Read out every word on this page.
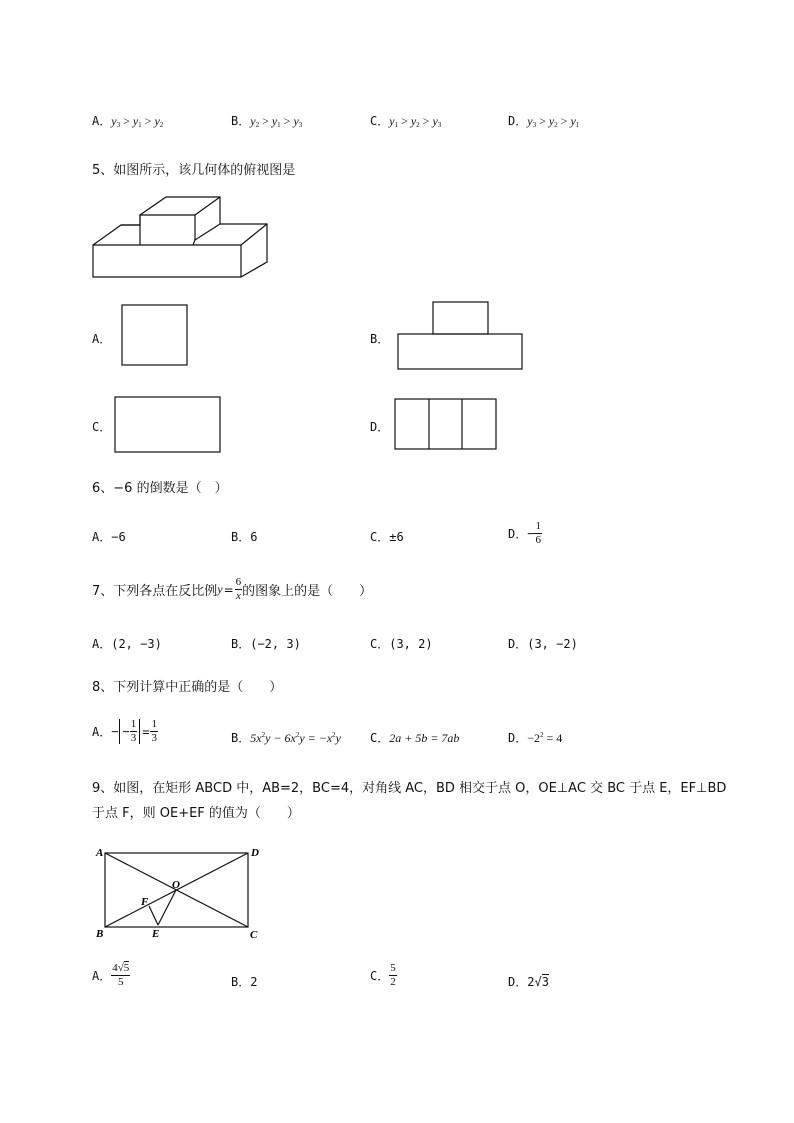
A．$y_3 > y_1 > y_2$	B．$y_2 > y_1 > y_3$	C．$y_1 > y_2 > y_3$	D．$y_3 > y_2 > y_1$
5、如图所示，该几何体的俯视图是
A．	B．
C．	D．
6、−6 的倒数是（　）
A．−6	B．6	C．±6	D．− $\frac{1}{6}$
7、下列各点在反比例$y= \frac{6}{x}$ 的图象上的是（　　）
A．(2, −3)	B．(−2, 3)	C．(3, 2)	D．(3, −2)
8、下列计算中正确的是（　　）
A．− − $\frac{1}{3} = \frac{1}{3}$	B．$5x^2y - 6x^2y = -x^2y$ C．2a + 5b = 7ab	D．$-2^2 = 4$
9、如图，在矩形 ABCD 中，AB=2，BC=4，对角线 AC，BD 相交于点 O，OE⊥AC 交 BC 于点 E，EF⊥BD
于点 F，则 OE+EF 的值为（　　）
A	D
B	C
O
E
F
A． $\frac{4√5}{5}$	B．2	C． $\frac{5}{2}$	D．2√3
